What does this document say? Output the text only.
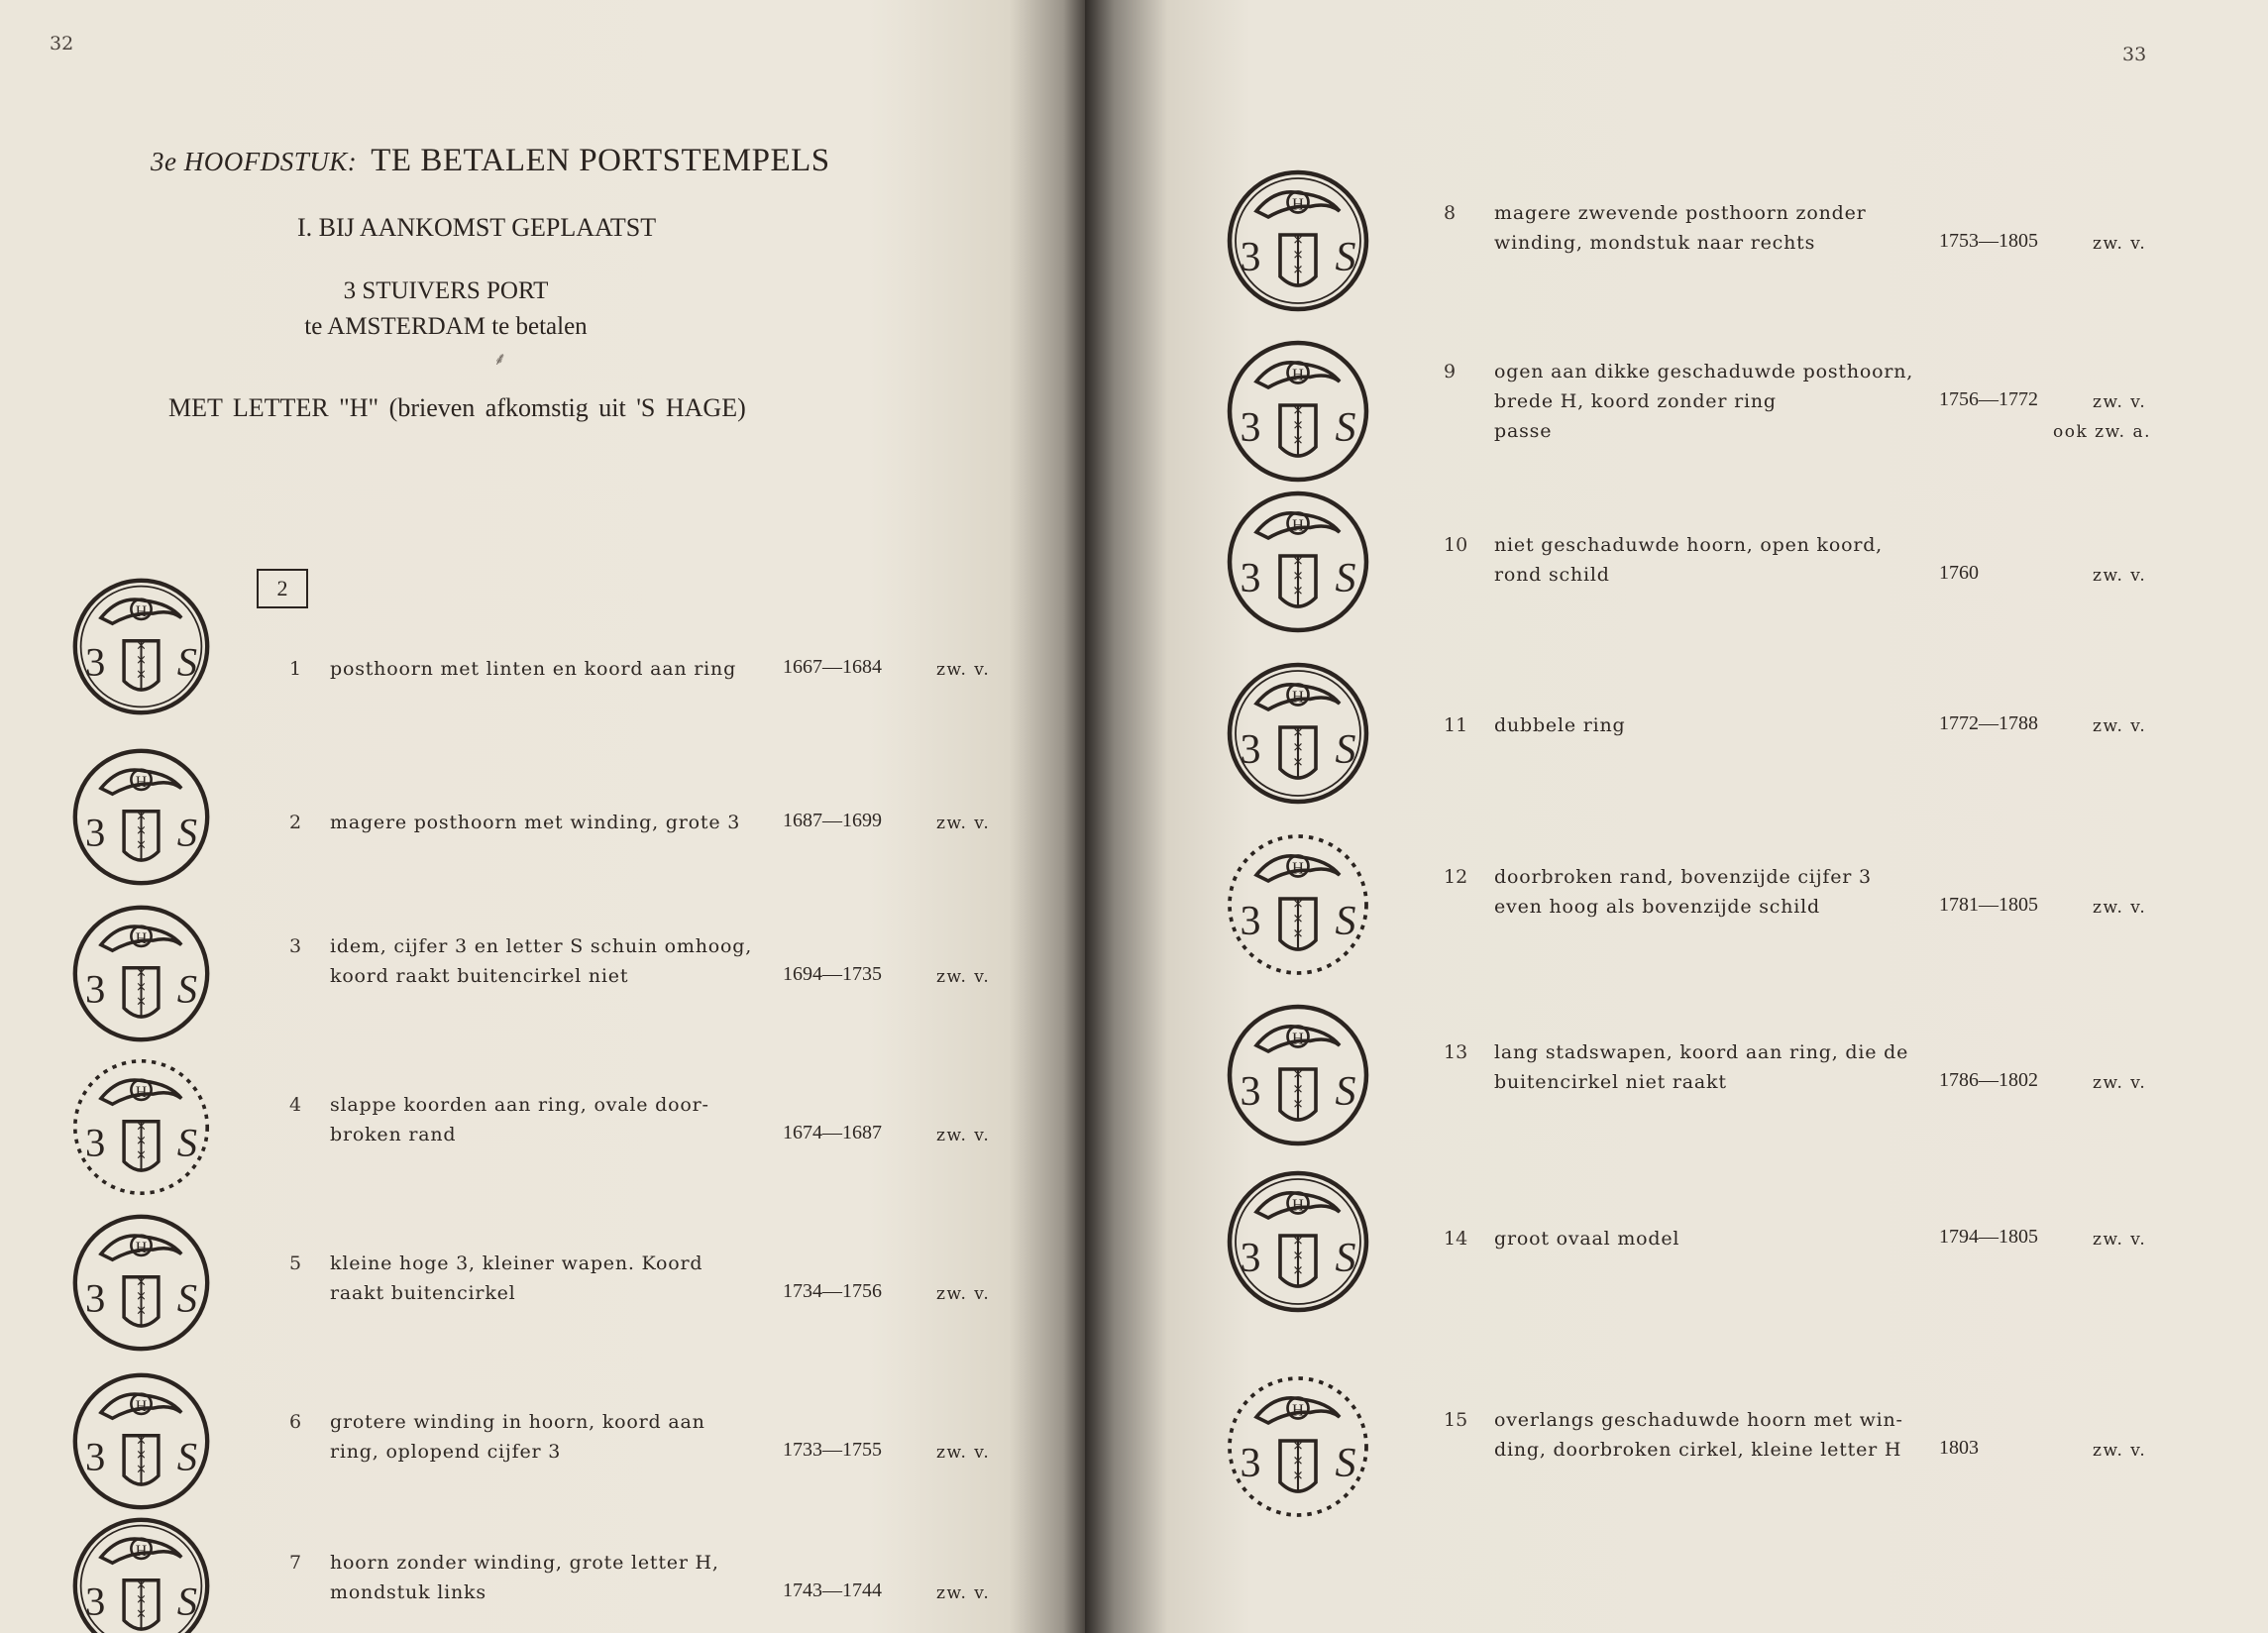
32
3e HOOFDSTUK: TE BETALEN PORTSTEMPELS
I. BIJ AANKOMST GEPLAATST
3 STUIVERS PORT
te AMSTERDAM te betalen
⸙
MET LETTER "H" (brieven afkomstig uit 'S HAGE)
2
H
3	S
×
×
×	1 posthoorn met linten en koord aan ring 1667—1684	zw. v.
H
3	S
×
×
×
2 magere posthoorn met winding, grote 3 1687—1699	zw. v.
H
3	S
×
×
×
3 idem, cijfer 3 en letter S schuin omhoog,
koord raakt buitencirkel niet	1694—1735	zw. v.
H
3	S
×
×
×
4 slappe koorden aan ring, ovale door-
broken rand	1674—1687	zw. v.
H
3	S
×
×
×
5 kleine hoge 3, kleiner wapen. Koord
raakt buitencirkel	1734—1756	zw. v.
H
3	S
×
×
×
6 grotere winding in hoorn, koord aan
ring, oplopend cijfer 3	1733—1755	zw. v.
H
3	S
×
×
×
7 hoorn zonder winding, grote letter H,
mondstuk links	1743—1744	zw. v.
33
H
3	S
×
×
×
8 magere zwevende posthoorn zonder
winding, mondstuk naar rechts	1753—1805	zw. v.
H
3	S
×
×
×
9 ogen aan dikke geschaduwde posthoorn,
brede H, koord zonder ring
passe
1756—1772	zw. v.
ook zw. a.
H
3	S
×
×
×
10 niet geschaduwde hoorn, open koord,
rond schild	1760	zw. v.
H
3	S
×
×
×
11 dubbele ring	1772—1788	zw. v.
H
3	S
×
×
×
12 doorbroken rand, bovenzijde cijfer 3
even hoog als bovenzijde schild	1781—1805	zw. v.
H
3	S
×
×
×
13 lang stadswapen, koord aan ring, die de
buitencirkel niet raakt	1786—1802	zw. v.
H
3	S
×
×
×
14 groot ovaal model	1794—1805	zw. v.
H
3	S
×
×
×
15 overlangs geschaduwde hoorn met win-
ding, doorbroken cirkel, kleine letter H 1803	zw. v.
